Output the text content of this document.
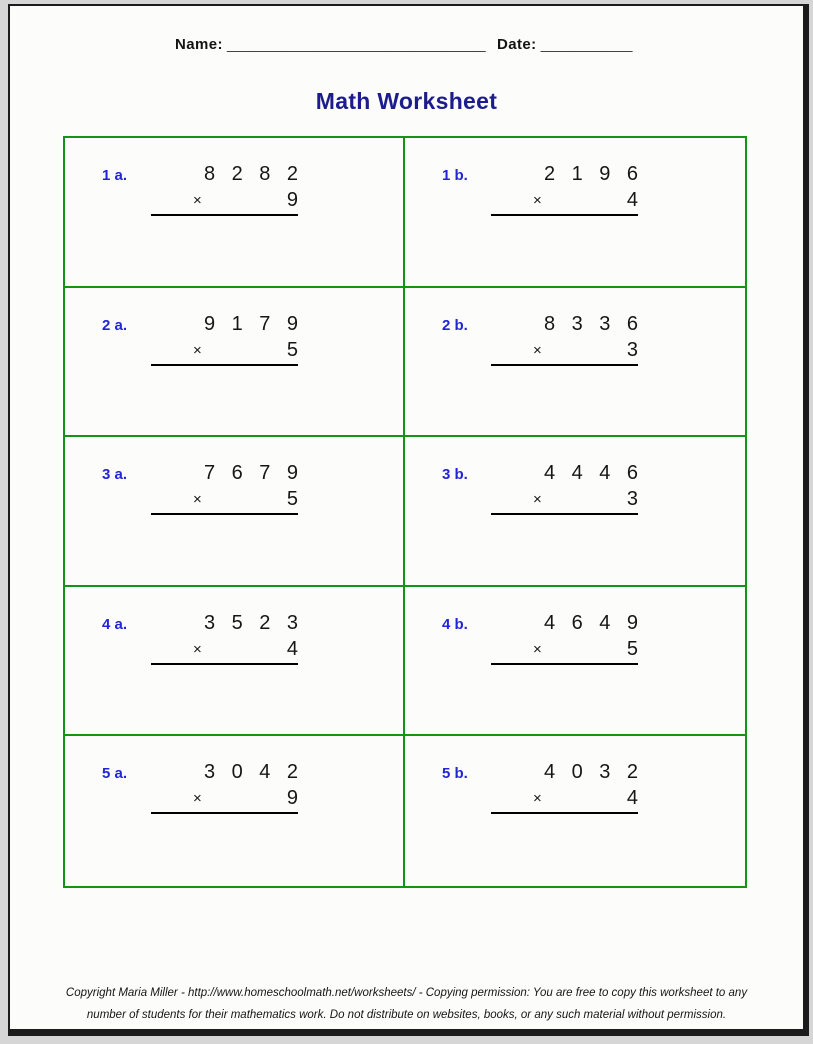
Name: _______________________________ Date: ___________
Math Worksheet
1 a.	8282
×	9
1 b.	2196
×	4
2 a.	9179
×	5
2 b.	8336
×	3
3 a.	7679
×	5
3 b.	4446
×	3
4 a.	3523
×	4
4 b.	4649
×	5
5 a.	3042
×	9
5 b.	4032
×	4
Copyright Maria Miller - http://www.homeschoolmath.net/worksheets/ - Copying permission: You are free to copy this worksheet to any
number of students for their mathematics work. Do not distribute on websites, books, or any such material without permission.
